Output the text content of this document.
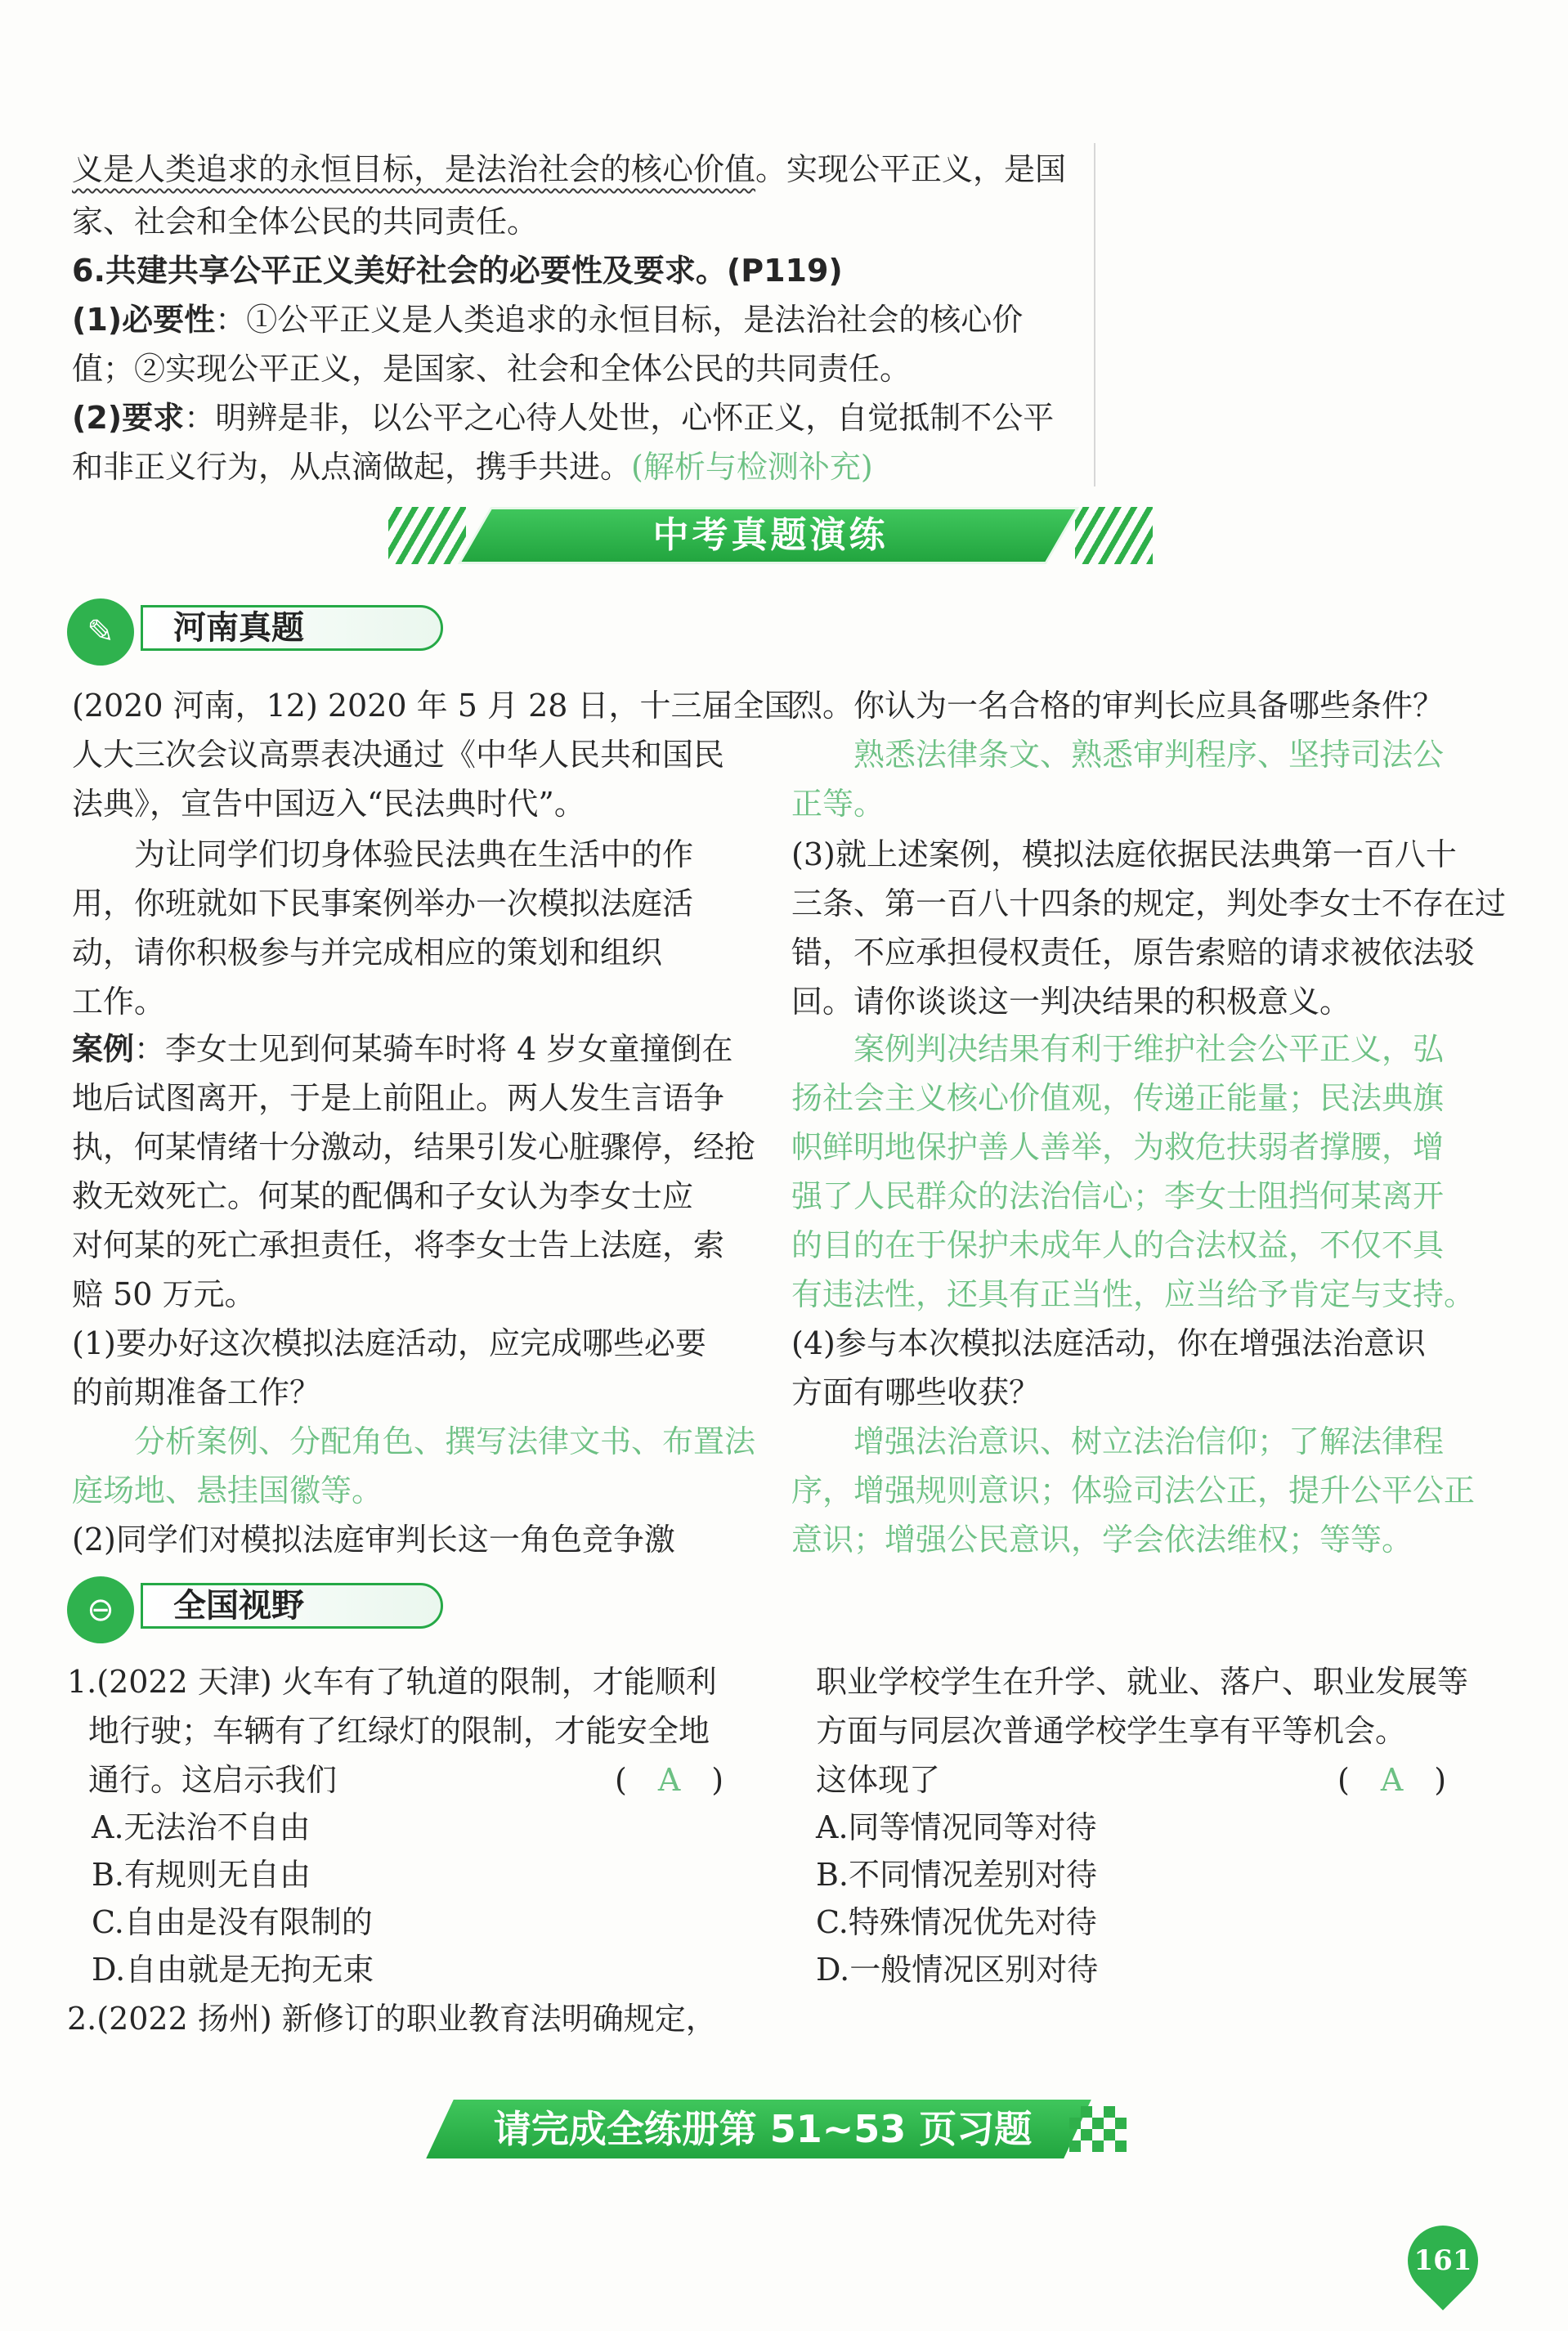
义是人类追求的永恒目标，是法治社会的核心价值。实现公平正义，是国
家、社会和全体公民的共同责任。
6.共建共享公平正义美好社会的必要性及要求。(P119)
(1)必要性：①公平正义是人类追求的永恒目标，是法治社会的核心价
值；②实现公平正义，是国家、社会和全体公民的共同责任。
(2)要求：明辨是非，以公平之心待人处世，心怀正义，自觉抵制不公平
和非正义行为，从点滴做起，携手共进。(解析与检测补充)
中考真题演练
✎	河南真题
(2020 河南，12) 2020 年 5 月 28 日，十三届全国
人大三次会议高票表决通过《中华人民共和国民
法典》，宣告中国迈入“民法典时代”。
　　为让同学们切身体验民法典在生活中的作
用，你班就如下民事案例举办一次模拟法庭活
动，请你积极参与并完成相应的策划和组织
工作。
案例：李女士见到何某骑车时将 4 岁女童撞倒在
地后试图离开，于是上前阻止。两人发生言语争
执，何某情绪十分激动，结果引发心脏骤停，经抢
救无效死亡。何某的配偶和子女认为李女士应
对何某的死亡承担责任，将李女士告上法庭，索
赔 50 万元。
(1)要办好这次模拟法庭活动，应完成哪些必要
的前期准备工作？
　　分析案例、分配角色、撰写法律文书、布置法
庭场地、悬挂国徽等。
(2)同学们对模拟法庭审判长这一角色竞争激
烈。你认为一名合格的审判长应具备哪些条件？
　　熟悉法律条文、熟悉审判程序、坚持司法公
正等。
(3)就上述案例，模拟法庭依据民法典第一百八十
三条、第一百八十四条的规定，判处李女士不存在过
错，不应承担侵权责任，原告索赔的请求被依法驳
回。请你谈谈这一判决结果的积极意义。
　　案例判决结果有利于维护社会公平正义，弘
扬社会主义核心价值观，传递正能量；民法典旗
帜鲜明地保护善人善举，为救危扶弱者撑腰，增
强了人民群众的法治信心；李女士阻挡何某离开
的目的在于保护未成年人的合法权益，不仅不具
有违法性，还具有正当性，应当给予肯定与支持。
(4)参与本次模拟法庭活动，你在增强法治意识
方面有哪些收获？
　　增强法治意识、树立法治信仰；了解法律程
序，增强规则意识；体验司法公正，提升公平公正
意识；增强公民意识，学会依法维权；等等。
⊖	全国视野
1.(2022 天津) 火车有了轨道的限制，才能顺利
地行驶；车辆有了红绿灯的限制，才能安全地
通行。这启示我们	( A )
A.无法治不自由
B.有规则无自由
C.自由是没有限制的
D.自由就是无拘无束
2.(2022 扬州) 新修订的职业教育法明确规定，
职业学校学生在升学、就业、落户、职业发展等
方面与同层次普通学校学生享有平等机会。
这体现了	( A )
A.同等情况同等对待
B.不同情况差别对待
C.特殊情况优先对待
D.一般情况区别对待
请完成全练册第 51~53 页习题
161
